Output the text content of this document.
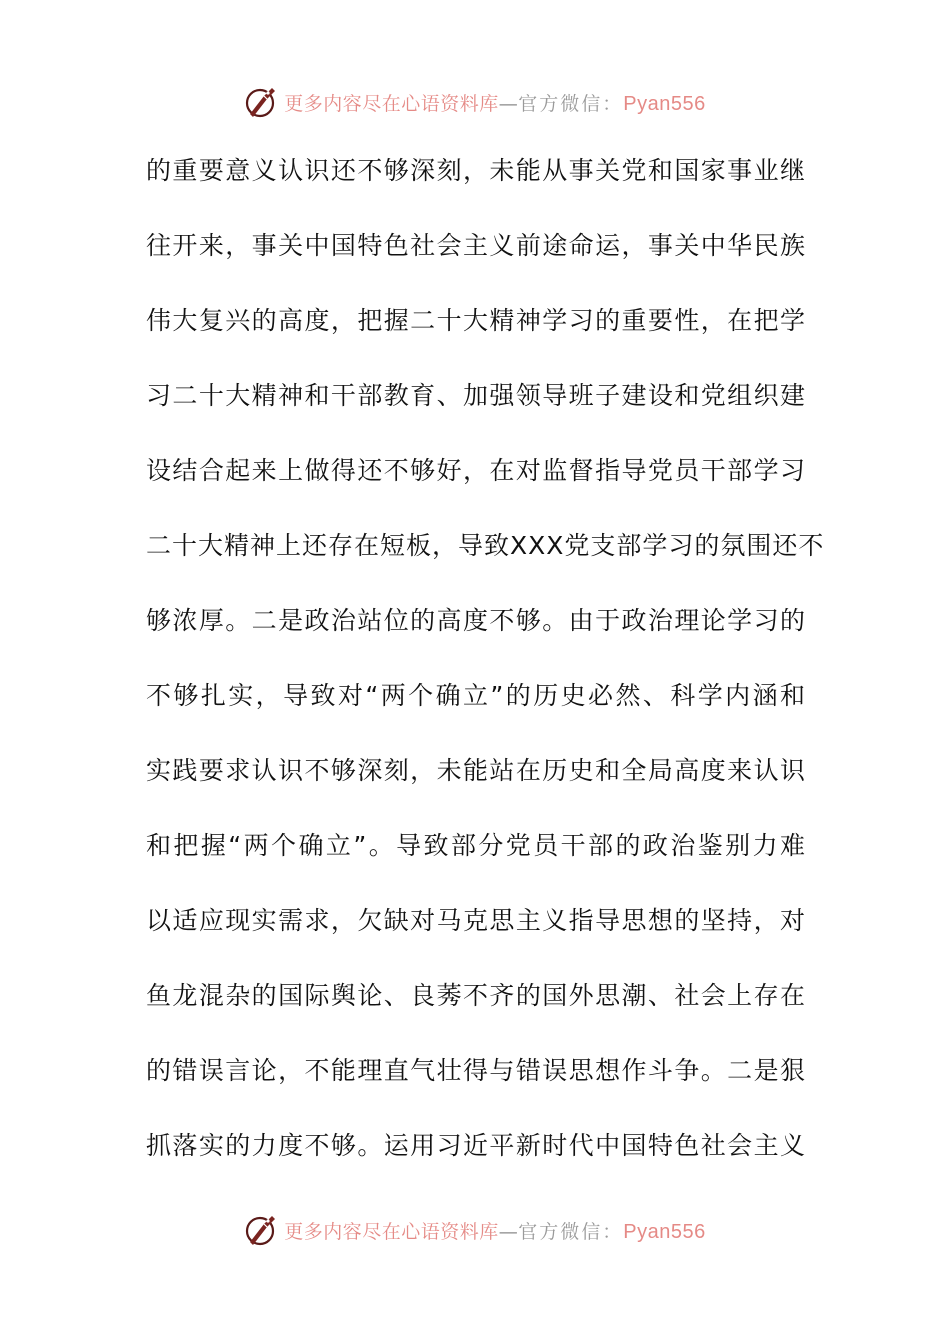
更多内容尽在心语资料库—官方微信：Pyan556
的重要意义认识还不够深刻，未能从事关党和国家事业继
往开来，事关中国特色社会主义前途命运，事关中华民族
伟大复兴的高度，把握二十大精神学习的重要性，在把学
习二十大精神和干部教育、加强领导班子建设和党组织建
设结合起来上做得还不够好，在对监督指导党员干部学习
二十大精神上还存在短板，导致XXX党支部学习的氛围还不
够浓厚。二是政治站位的高度不够。由于政治理论学习的
不够扎实，导致对“两个确立”的历史必然、科学内涵和
实践要求认识不够深刻，未能站在历史和全局高度来认识
和把握“两个确立”。导致部分党员干部的政治鉴别力难
以适应现实需求，欠缺对马克思主义指导思想的坚持，对
鱼龙混杂的国际舆论、良莠不齐的国外思潮、社会上存在
的错误言论，不能理直气壮得与错误思想作斗争。二是狠
抓落实的力度不够。运用习近平新时代中国特色社会主义
更多内容尽在心语资料库—官方微信：Pyan556
